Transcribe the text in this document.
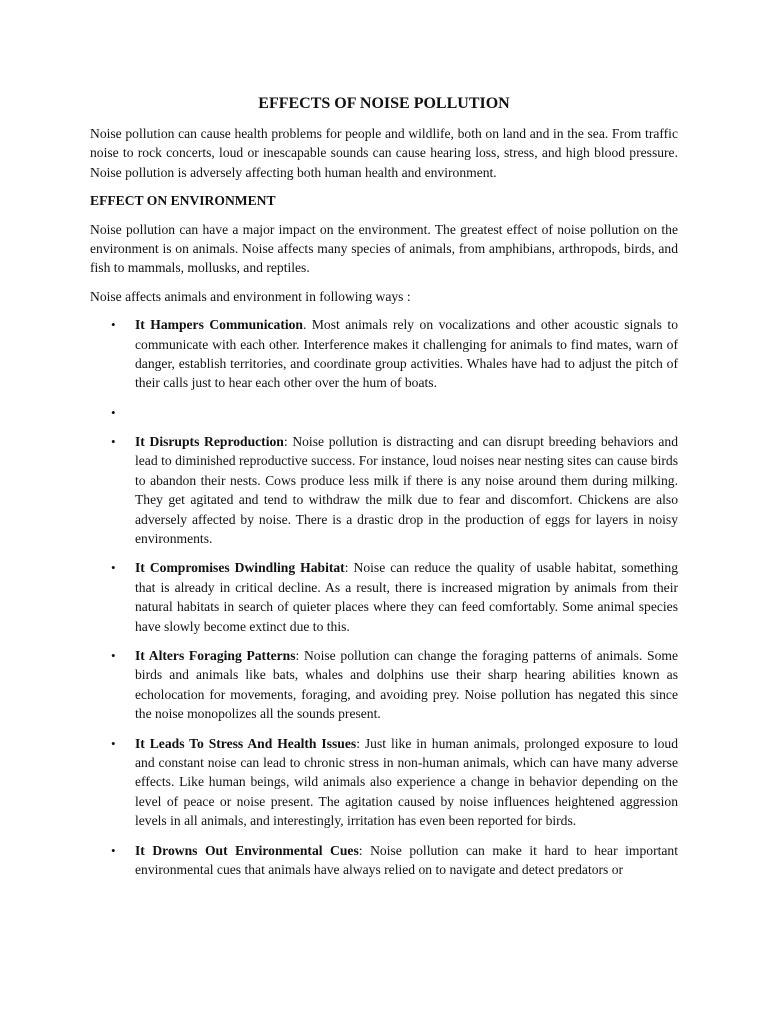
EFFECTS OF NOISE POLLUTION

Noise pollution can cause health problems for people and wildlife, both on land and in the sea. From traffic noise to rock concerts, loud or inescapable sounds can cause hearing loss, stress, and high blood pressure. Noise pollution is adversely affecting both human health and environment.

EFFECT ON ENVIRONMENT

Noise pollution can have a major impact on the environment. The greatest effect of noise pollution on the environment is on animals. Noise affects many species of animals, from amphibians, arthropods, birds, and fish to mammals, mollusks, and reptiles.

Noise affects animals and environment in following ways :

• It Hampers Communication. Most animals rely on vocalizations and other acoustic signals to communicate with each other. Interference makes it challenging for animals to find mates, warn of danger, establish territories, and coordinate group activities. Whales have had to adjust the pitch of their calls just to hear each other over the hum of boats.
•
• It Disrupts Reproduction: Noise pollution is distracting and can disrupt breeding behaviors and lead to diminished reproductive success. For instance, loud noises near nesting sites can cause birds to abandon their nests. Cows produce less milk if there is any noise around them during milking. They get agitated and tend to withdraw the milk due to fear and discomfort. Chickens are also adversely affected by noise. There is a drastic drop in the production of eggs for layers in noisy environments.
• It Compromises Dwindling Habitat: Noise can reduce the quality of usable habitat, something that is already in critical decline. As a result, there is increased migration by animals from their natural habitats in search of quieter places where they can feed comfortably. Some animal species have slowly become extinct due to this.
• It Alters Foraging Patterns: Noise pollution can change the foraging patterns of animals. Some birds and animals like bats, whales and dolphins use their sharp hearing abilities known as echolocation for movements, foraging, and avoiding prey. Noise pollution has negated this since the noise monopolizes all the sounds present.
• It Leads To Stress And Health Issues: Just like in human animals, prolonged exposure to loud and constant noise can lead to chronic stress in non-human animals, which can have many adverse effects. Like human beings, wild animals also experience a change in behavior depending on the level of peace or noise present. The agitation caused by noise influences heightened aggression levels in all animals, and interestingly, irritation has even been reported for birds.
• It Drowns Out Environmental Cues: Noise pollution can make it hard to hear important environmental cues that animals have always relied on to navigate and detect predators or
